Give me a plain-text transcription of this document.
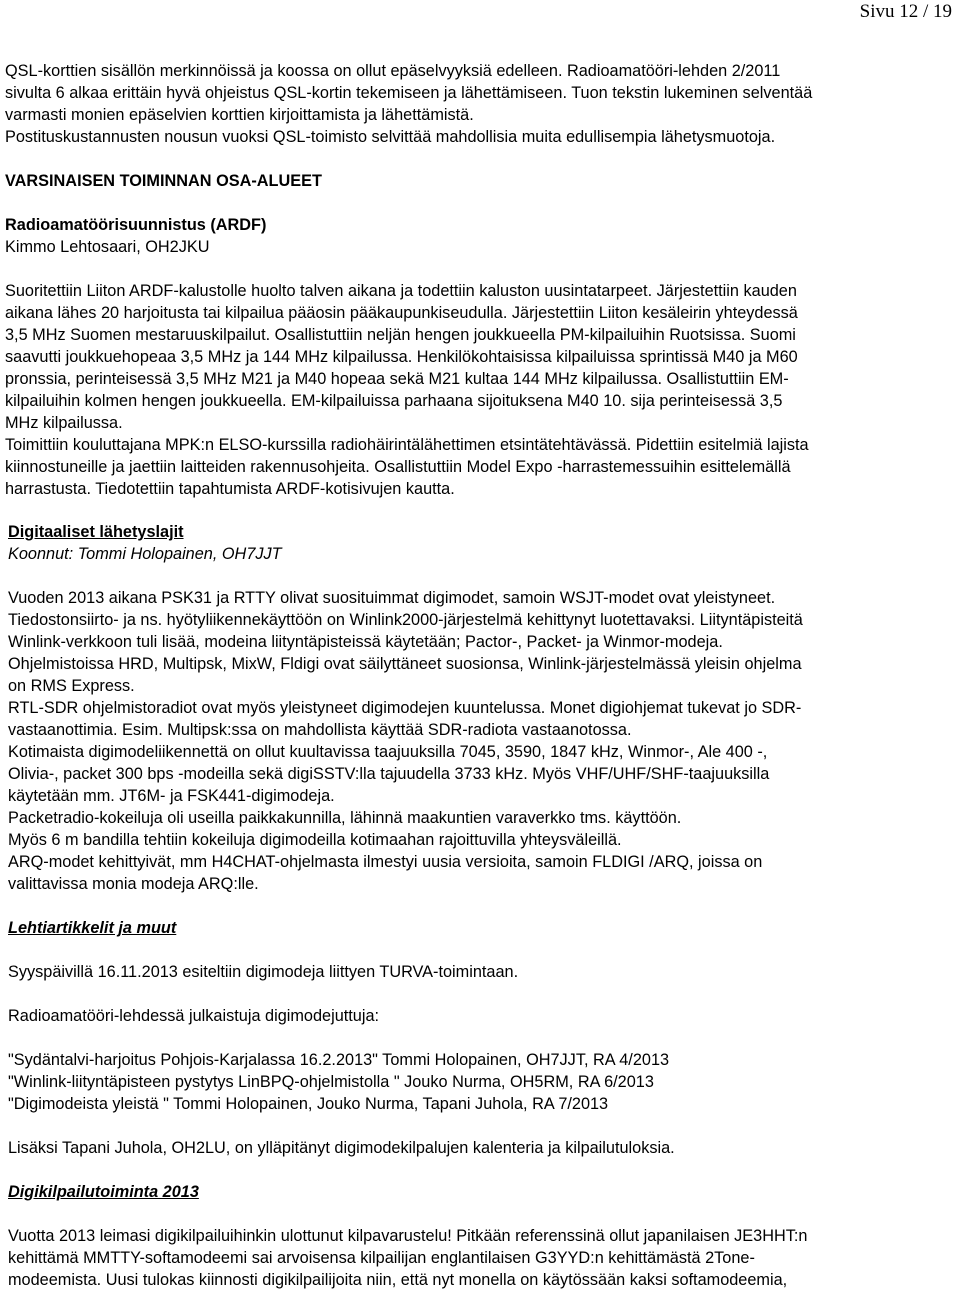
Sivu 12 / 19

QSL-korttien sisällön merkinnöissä ja koossa on ollut epäselvyyksiä edelleen. Radioamatööri-lehden 2/2011

sivulta 6 alkaa erittäin hyvä ohjeistus QSL-kortin tekemiseen ja lähettämiseen. Tuon tekstin lukeminen selventää

varmasti monien epäselvien korttien kirjoittamista ja lähettämistä.

Postituskustannusten nousun vuoksi QSL-toimisto selvittää mahdollisia muita edullisempia lähetysmuotoja.

VARSINAISEN TOIMINNAN OSA-ALUEET

Radioamatöörisuunnistus (ARDF)

Kimmo Lehtosaari, OH2JKU

Suoritettiin Liiton ARDF-kalustolle huolto talven aikana ja todettiin kaluston uusintatarpeet. Järjestettiin kauden

aikana lähes 20 harjoitusta tai kilpailua pääosin pääkaupunkiseudulla. Järjestettiin Liiton kesäleirin yhteydessä

3,5 MHz Suomen mestaruuskilpailut. Osallistuttiin neljän hengen joukkueella PM-kilpailuihin Ruotsissa. Suomi

saavutti joukkuehopeaa 3,5 MHz ja 144 MHz kilpailussa. Henkilökohtaisissa kilpailuissa sprintissä M40 ja M60

pronssia, perinteisessä 3,5 MHz M21 ja M40 hopeaa sekä M21 kultaa 144 MHz kilpailussa. Osallistuttiin EM-

kilpailuihin kolmen hengen joukkueella. EM-kilpailuissa parhaana sijoituksena M40 10. sija perinteisessä 3,5

MHz kilpailussa.

Toimittiin kouluttajana MPK:n ELSO-kurssilla radiohäirintälähettimen etsintätehtävässä. Pidettiin esitelmiä lajista

kiinnostuneille ja jaettiin laitteiden rakennusohjeita. Osallistuttiin Model Expo -harrastemessuihin esittelemällä

harrastusta. Tiedotettiin tapahtumista ARDF-kotisivujen kautta.

Digitaaliset lähetyslajit

Koonnut: Tommi Holopainen, OH7JJT

Vuoden 2013 aikana PSK31 ja RTTY olivat suosituimmat digimodet, samoin WSJT-modet ovat yleistyneet.

Tiedostonsiirto- ja ns. hyötyliikennekäyttöön on Winlink2000-järjestelmä kehittynyt luotettavaksi. Liityntäpisteitä

Winlink-verkkoon tuli lisää, modeina liityntäpisteissä käytetään; Pactor-, Packet- ja Winmor-modeja.

Ohjelmistoissa HRD, Multipsk, MixW, Fldigi ovat säilyttäneet suosionsa, Winlink-järjestelmässä yleisin ohjelma

on RMS Express.

RTL-SDR ohjelmistoradiot ovat myös yleistyneet digimodejen kuuntelussa. Monet digiohjemat tukevat jo SDR-

vastaanottimia. Esim. Multipsk:ssa on mahdollista käyttää SDR-radiota vastaanotossa.

Kotimaista digimodeliikennettä on ollut kuultavissa taajuuksilla 7045, 3590, 1847 kHz, Winmor-, Ale 400 -,

Olivia-, packet 300 bps -modeilla sekä digiSSTV:lla tajuudella 3733 kHz. Myös VHF/UHF/SHF-taajuuksilla

käytetään mm. JT6M- ja FSK441-digimodeja.

Packetradio-kokeiluja oli useilla paikkakunnilla, lähinnä maakuntien varaverkko tms. käyttöön.

Myös 6 m bandilla tehtiin kokeiluja digimodeilla kotimaahan rajoittuvilla yhteysväleillä.

ARQ-modet kehittyivät, mm H4CHAT-ohjelmasta ilmestyi uusia versioita, samoin FLDIGI /ARQ, joissa on

valittavissa monia modeja ARQ:lle.

Lehtiartikkelit ja muut

Syyspäivillä 16.11.2013 esiteltiin digimodeja liittyen TURVA-toimintaan.

Radioamatööri-lehdessä julkaistuja digimodejuttuja:

"Sydäntalvi-harjoitus Pohjois-Karjalassa 16.2.2013" Tommi Holopainen, OH7JJT, RA 4/2013

"Winlink-liityntäpisteen pystytys LinBPQ-ohjelmistolla " Jouko Nurma, OH5RM, RA 6/2013

"Digimodeista yleistä " Tommi Holopainen, Jouko Nurma, Tapani Juhola, RA 7/2013

Lisäksi Tapani Juhola, OH2LU, on ylläpitänyt digimodekilpalujen kalenteria ja kilpailutuloksia.

Digikilpailutoiminta 2013

Vuotta 2013 leimasi digikilpailuihinkin ulottunut kilpavarustelu! Pitkään referenssinä ollut japanilaisen JE3HHT:n

kehittämä MMTTY-softamodeemi sai arvoisensa kilpailijan englantilaisen G3YYD:n kehittämästä 2Tone-

modeemista. Uusi tulokas kiinnosti digikilpailijoita niin, että nyt monella on käytössään kaksi softamodeemia,
